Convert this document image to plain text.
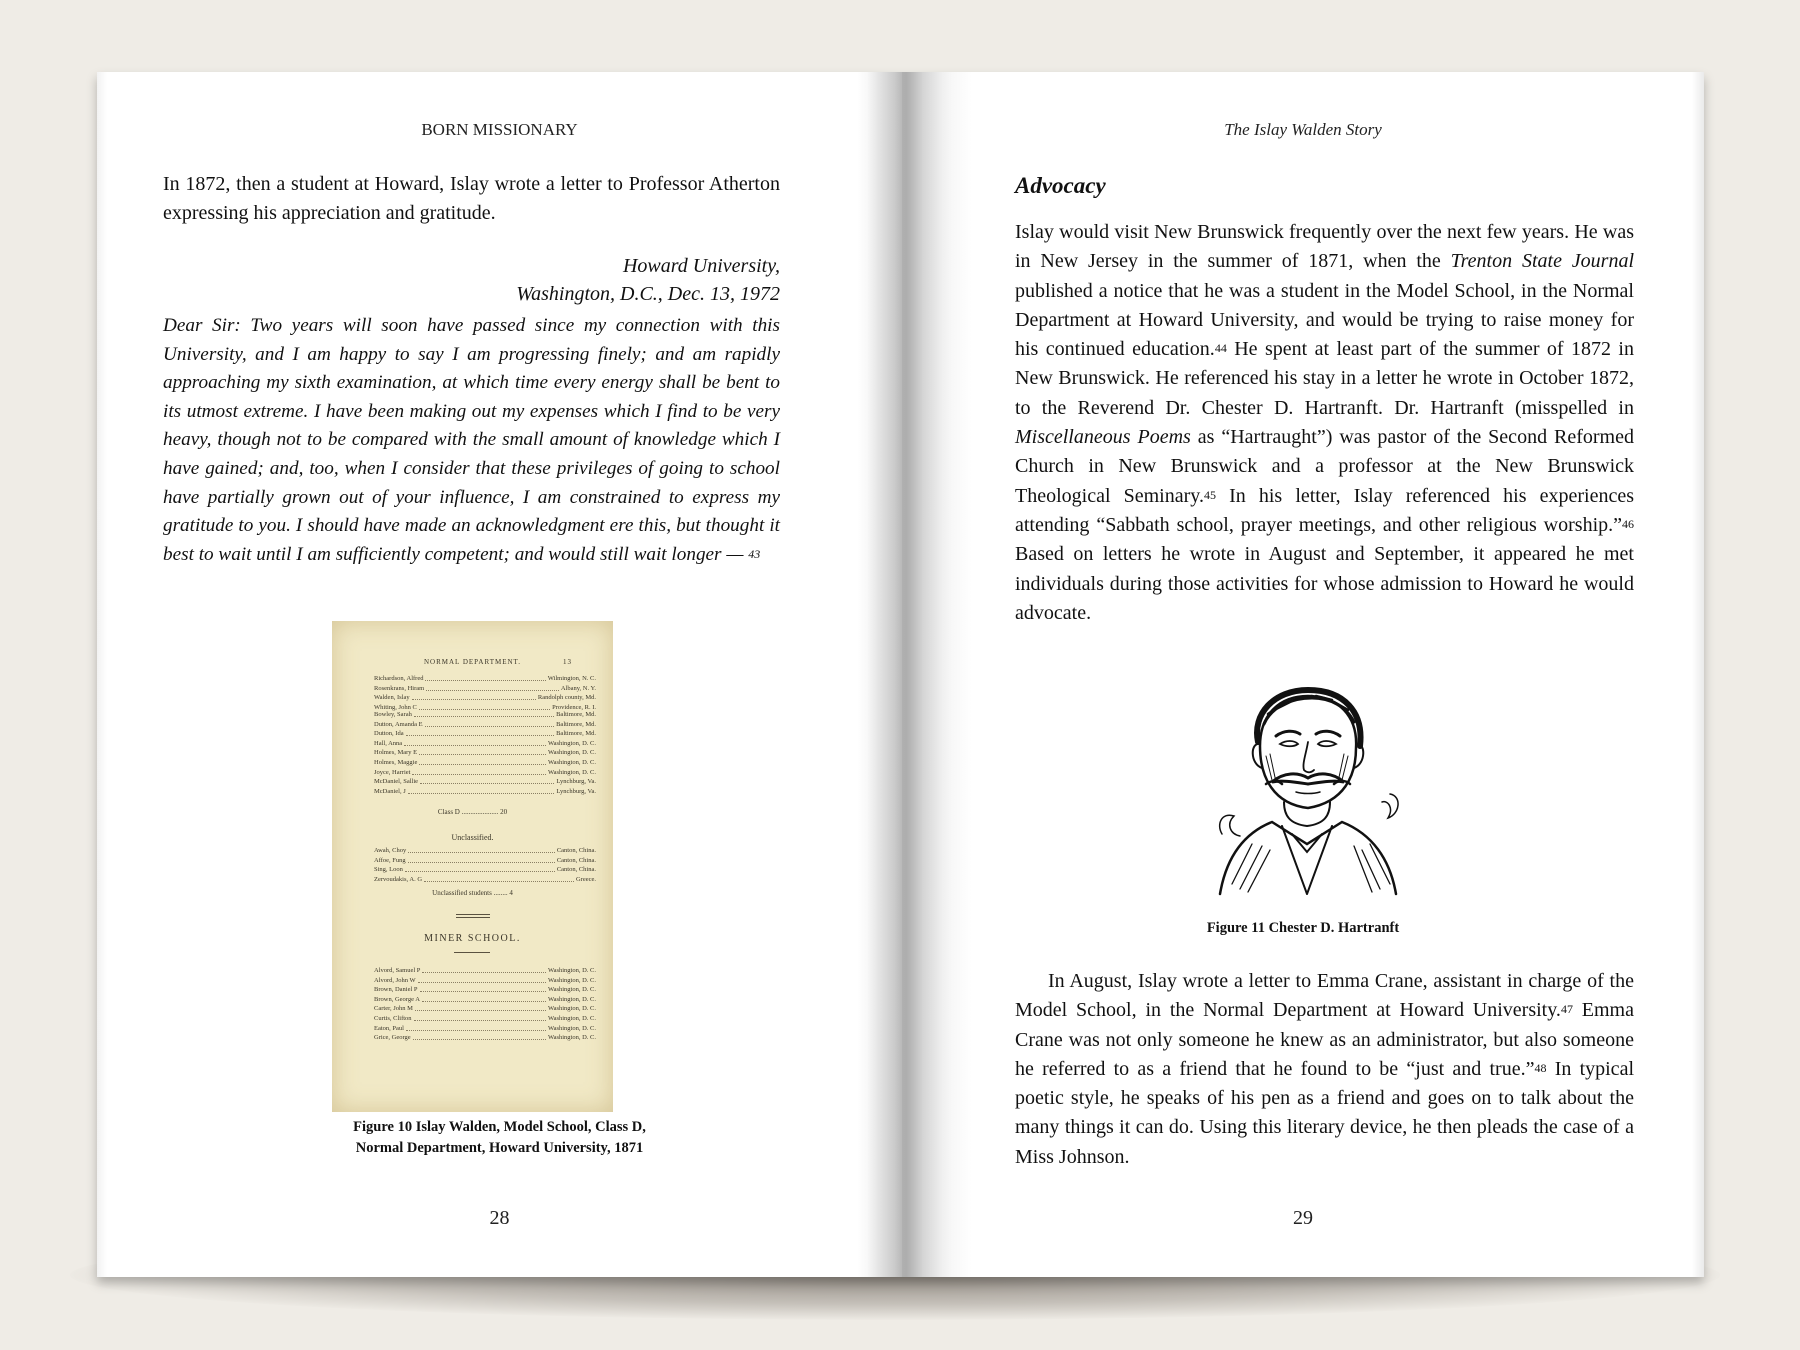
BORN MISSIONARY

In 1872, then a student at Howard, Islay wrote a letter to Professor Atherton expressing his appreciation and gratitude.

Howard University,
Washington, D.C., Dec. 13, 1972

Dear Sir: Two years will soon have passed since my connection with this University, and I am happy to say I am progressing finely; and am rapidly approaching my sixth examination, at which time every energy shall be bent to its utmost extreme. I have been making out my expenses which I find to be very heavy, though not to be compared with the small amount of knowledge which I have gained; and, too, when I consider that these privileges of going to school have partially grown out of your influence, I am constrained to express my gratitude to you. I should have made an acknowledgment ere this, but thought it best to wait until I am sufficiently competent; and would still wait longer — $^{43}$

NORMAL DEPARTMENT.	13
Richardson, Alfred	Wilmington, N. C.
Rosenkrans, Hiram	Albany, N. Y.
Walden, Islay	Randolph county, Md.
Whiting, John C	Providence, R. I.
Bowley, Sarah	Baltimore, Md.
Dutton, Amanda E	Baltimore, Md.
Dutton, Ida	Baltimore, Md.
Hall, Anna	Washington, D. C.
Holmes, Mary E	Washington, D. C.
Holmes, Maggie	Washington, D. C.
Joyce, Harriet	Washington, D. C.
McDaniel, Sallie	Lynchburg, Va.
McDaniel, J	Lynchburg, Va.
Awah, Choy	Canton, China.
Affoe, Fung	Canton, China.
Sing, Loon	Canton, China.
Zervoudakis, A. G	Greece.
Alvord, Samuel P	Washington, D. C.
Alvord, John W	Washington, D. C.
Brown, Daniel P	Washington, D. C.
Brown, George A	Washington, D. C.
Carter, John M	Washington, D. C.
Curtis, Clifton	Washington, D. C.
Eaton, Paul	Washington, D. C.
Grice, George	Washington, D. C.
Class D ..................... 20
Unclassified.
Unclassified students ........ 4
MINER SCHOOL.
Figure 10 Islay Walden, Model School, Class D,
Normal Department, Howard University, 1871
28
The Islay Walden Story
Advocacy

Islay would visit New Brunswick frequently over the next few years. He was in New Jersey in the summer of 1871, when the Trenton State Journal published a notice that he was a student in the Model School, in the Normal Department at Howard University, and would be trying to raise money for his continued education.$^{44}$ He spent at least part of the summer of 1872 in New Brunswick. He referenced his stay in a letter he wrote in October 1872, to the Reverend Dr. Chester D. Hartranft. Dr. Hartranft (misspelled in Miscellaneous Poems as “Hartraught”) was pastor of the Second Reformed Church in New Brunswick and a professor at the New Brunswick Theological Seminary.$^{45}$ In his letter, Islay referenced his experiences attending “Sabbath school, prayer meetings, and other religious worship.”$^{46}$ Based on letters he wrote in August and September, it appeared he met individuals during those activities for whose admission to Howard he would advocate.

Figure 11 Chester D. Hartranft

In August, Islay wrote a letter to Emma Crane, assistant in charge of the Model School, in the Normal Department at Howard University.$^{47}$ Emma Crane was not only someone he knew as an administrator, but also someone he referred to as a friend that he found to be “just and true.”$^{48}$ In typical poetic style, he speaks of his pen as a friend and goes on to talk about the many things it can do. Using this literary device, he then pleads the case of a Miss Johnson.

29
